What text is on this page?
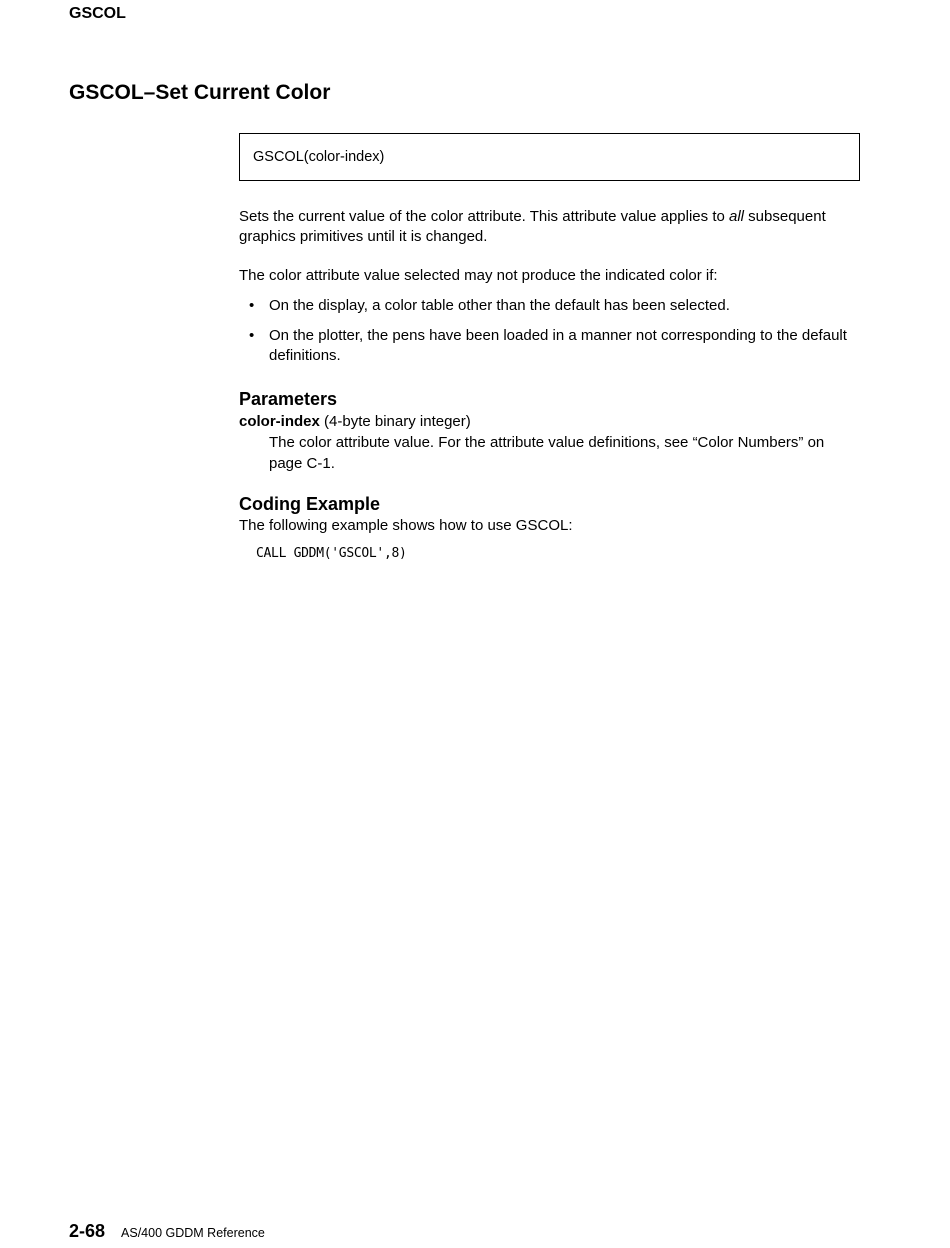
GSCOL
GSCOL–Set Current Color
GSCOL(color-index)

Sets the current value of the color attribute. This attribute value applies to all subsequent graphics primitives until it is changed.

The color attribute value selected may not produce the indicated color if:

• On the display, a color table other than the default has been selected.
• On the plotter, the pens have been loaded in a manner not corresponding to the default definitions.
Parameters
color-index (4-byte binary integer)
The color attribute value. For the attribute value definitions, see “Color Numbers” on page C-1.
Coding Example

The following example shows how to use GSCOL:

CALL GDDM('GSCOL',8)
2-68 AS/400 GDDM Reference
